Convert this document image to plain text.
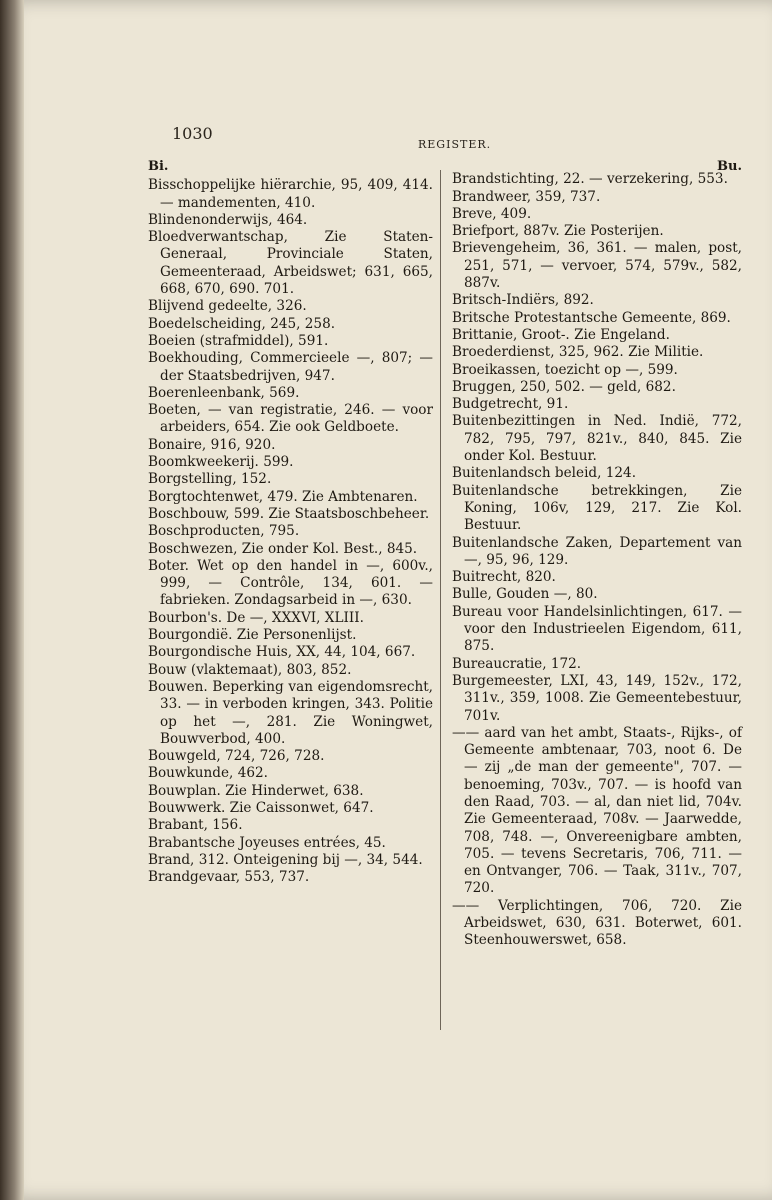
1030
REGISTER.

Bi.

Bisschoppelijke hiërarchie, 95, 409, 414. — mandementen, 410.

Blindenonderwijs, 464.

Bloedverwantschap, Zie Staten-Generaal, Provinciale Staten, Gemeenteraad, Arbeidswet; 631, 665, 668, 670, 690. 701.

Blijvend gedeelte, 326.

Boedelscheiding, 245, 258.

Boeien (strafmiddel), 591.

Boekhouding, Commercieele —, 807; — der Staatsbedrijven, 947.

Boerenleenbank, 569.

Boeten, — van registratie, 246. — voor arbeiders, 654. Zie ook Geldboete.

Bonaire, 916, 920.

Boomkweekerij. 599.

Borgstelling, 152.

Borgtochtenwet, 479. Zie Ambtenaren.

Boschbouw, 599. Zie Staatsboschbeheer.

Boschproducten, 795.

Boschwezen, Zie onder Kol. Best., 845.

Boter. Wet op den handel in —, 600v., 999, — Contrôle, 134, 601. — fabrieken. Zondagsarbeid in —, 630.

Bourbon's. De —, XXXVI, XLIII.

Bourgondië. Zie Personenlijst.

Bourgondische Huis, XX, 44, 104, 667.

Bouw (vlaktemaat), 803, 852.

Bouwen. Beperking van eigendomsrecht, 33. — in verboden kringen, 343. Politie op het —, 281. Zie Woningwet, Bouwverbod, 400.

Bouwgeld, 724, 726, 728.

Bouwkunde, 462.

Bouwplan. Zie Hinderwet, 638.

Bouwwerk. Zie Caissonwet, 647.

Brabant, 156.

Brabantsche Joyeuses entrées, 45.

Brand, 312. Onteigening bij —, 34, 544.

Brandgevaar, 553, 737.

Bu.

Brandstichting, 22. — verzekering, 553.

Brandweer, 359, 737.

Breve, 409.

Briefport, 887v. Zie Posterijen.

Brievengeheim, 36, 361. — malen, post, 251, 571, — vervoer, 574, 579v., 582, 887v.

Britsch-Indiërs, 892.

Britsche Protestantsche Gemeente, 869.

Brittanie, Groot-. Zie Engeland.

Broederdienst, 325, 962. Zie Militie.

Broeikassen, toezicht op —, 599.

Bruggen, 250, 502. — geld, 682.

Budgetrecht, 91.

Buitenbezittingen in Ned. Indië, 772, 782, 795, 797, 821v., 840, 845. Zie onder Kol. Bestuur.

Buitenlandsch beleid, 124.

Buitenlandsche betrekkingen, Zie Koning, 106v, 129, 217. Zie Kol. Bestuur.

Buitenlandsche Zaken, Departement van —, 95, 96, 129.

Buitrecht, 820.

Bulle, Gouden —, 80.

Bureau voor Handelsinlichtingen, 617. — voor den Industrieelen Eigendom, 611, 875.

Bureaucratie, 172.

Burgemeester, LXI, 43, 149, 152v., 172, 311v., 359, 1008. Zie Gemeentebestuur, 701v.

—— aard van het ambt, Staats-, Rijks-, of Gemeente ambtenaar, 703, noot 6. De — zij „de man der gemeente", 707. — benoeming, 703v., 707. — is hoofd van den Raad, 703. — al, dan niet lid, 704v. Zie Gemeenteraad, 708v. — Jaarwedde, 708, 748. —, Onvereenigbare ambten, 705. — tevens Secretaris, 706, 711. — en Ontvanger, 706. — Taak, 311v., 707, 720.

—— Verplichtingen, 706, 720. Zie Arbeidswet, 630, 631. Boterwet, 601. Steenhouwerswet, 658.
